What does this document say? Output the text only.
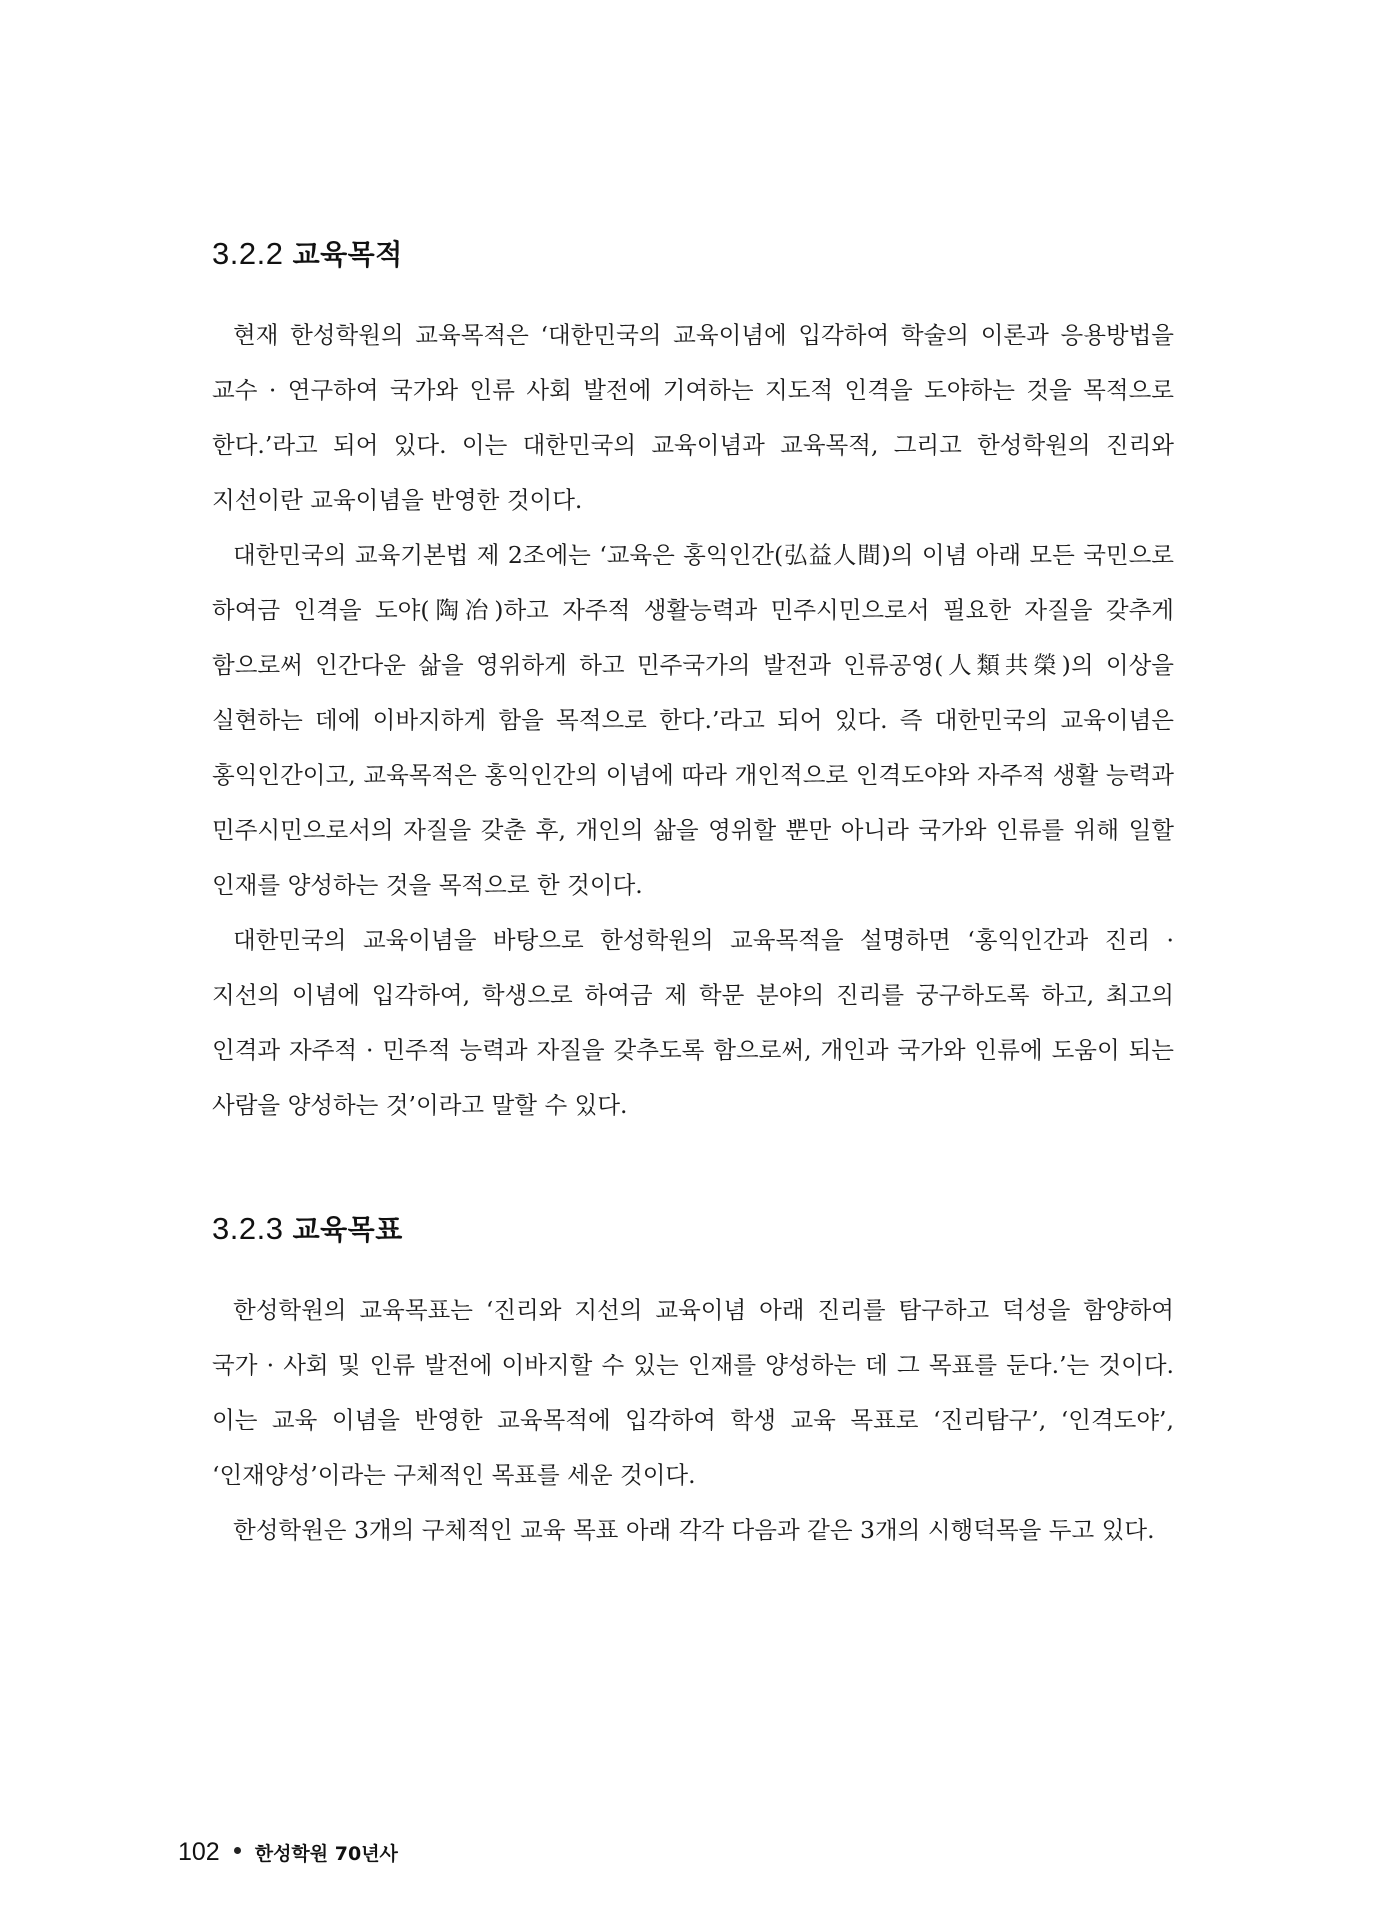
3.2.2 교육목적

현재 한성학원의 교육목적은 ‘대한민국의 교육이념에 입각하여 학술의 이론과 응용방법을 교수 · 연구하여 국가와 인류 사회 발전에 기여하는 지도적 인격을 도야하는 것을 목적으로 한다.’라고 되어 있다. 이는 대한민국의 교육이념과 교육목적, 그리고 한성학원의 진리와 지선이란 교육이념을 반영한 것이다.

대한민국의 교육기본법 제 2조에는 ‘교육은 홍익인간(弘益人間)의 이념 아래 모든 국민으로 하여금 인격을 도야(陶冶)하고 자주적 생활능력과 민주시민으로서 필요한 자질을 갖추게 함으로써 인간다운 삶을 영위하게 하고 민주국가의 발전과 인류공영(人類共榮)의 이상을 실현하는 데에 이바지하게 함을 목적으로 한다.’라고 되어 있다. 즉 대한민국의 교육이념은 홍익인간이고, 교육목적은 홍익인간의 이념에 따라 개인적으로 인격도야와 자주적 생활 능력과 민주시민으로서의 자질을 갖춘 후, 개인의 삶을 영위할 뿐만 아니라 국가와 인류를 위해 일할 인재를 양성하는 것을 목적으로 한 것이다.

대한민국의 교육이념을 바탕으로 한성학원의 교육목적을 설명하면 ‘홍익인간과 진리 · 지선의 이념에 입각하여, 학생으로 하여금 제 학문 분야의 진리를 궁구하도록 하고, 최고의 인격과 자주적 · 민주적 능력과 자질을 갖추도록 함으로써, 개인과 국가와 인류에 도움이 되는 사람을 양성하는 것’이라고 말할 수 있다.

3.2.3 교육목표

한성학원의 교육목표는 ‘진리와 지선의 교육이념 아래 진리를 탐구하고 덕성을 함양하여 국가 · 사회 및 인류 발전에 이바지할 수 있는 인재를 양성하는 데 그 목표를 둔다.’는 것이다. 이는 교육 이념을 반영한 교육목적에 입각하여 학생 교육 목표로 ‘진리탐구’, ‘인격도야’, ‘인재양성’이라는 구체적인 목표를 세운 것이다.

한성학원은 3개의 구체적인 교육 목표 아래 각각 다음과 같은 3개의 시행덕목을 두고 있다.

102 한성학원 70년사
